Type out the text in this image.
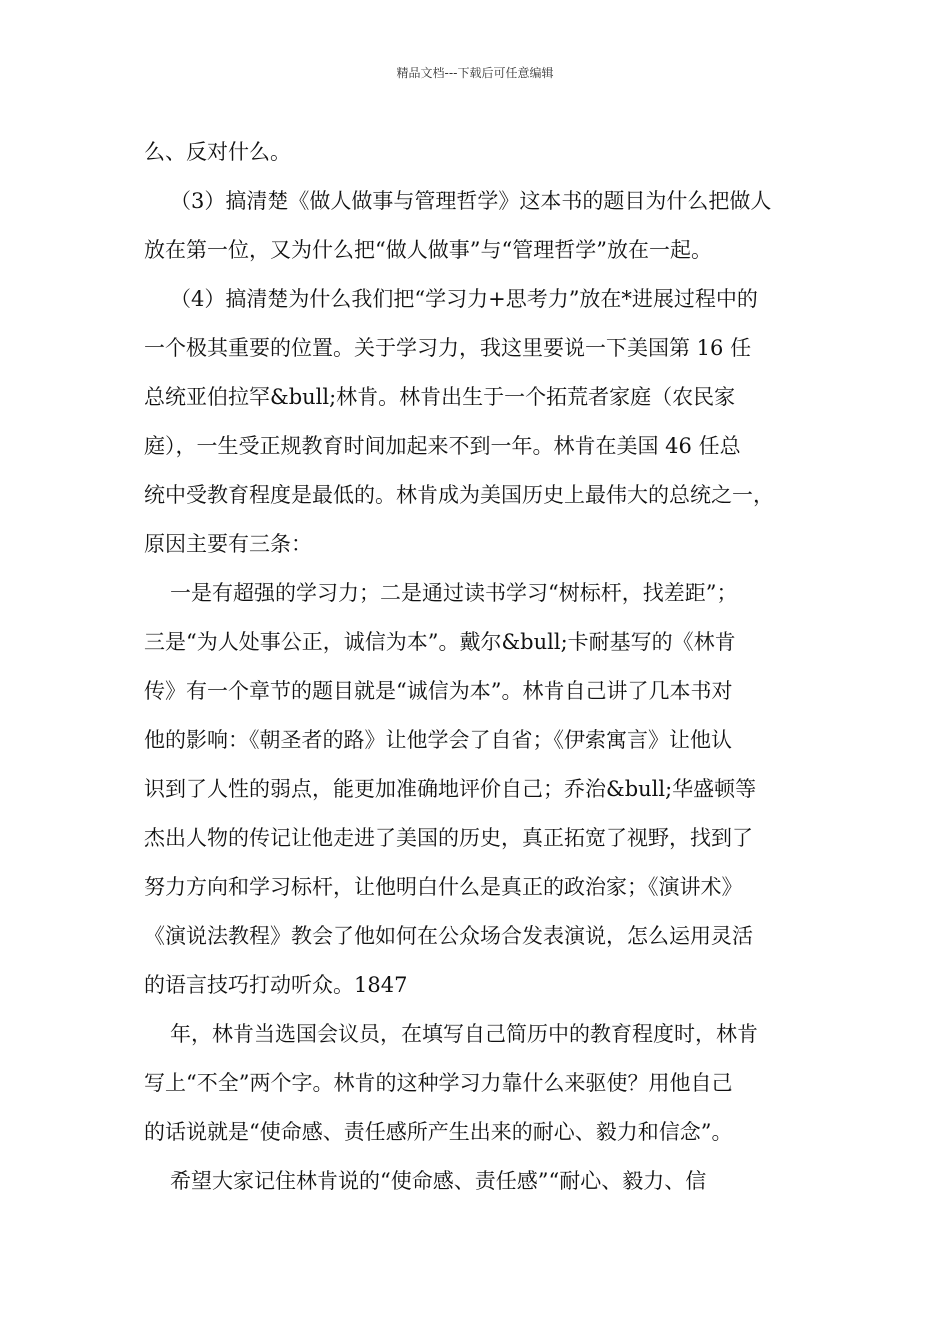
精品文档---下载后可任意编辑
么、反对什么。
（3）搞清楚《做人做事与管理哲学》这本书的题目为什么把做人
放在第一位，又为什么把“做人做事”与“管理哲学”放在一起。
（4）搞清楚为什么我们把“学习力+思考力”放在*进展过程中的
一个极其重要的位置。关于学习力，我这里要说一下美国第 16 任
总统亚伯拉罕&bull;林肯。林肯出生于一个拓荒者家庭（农民家
庭），一生受正规教育时间加起来不到一年。林肯在美国 46 任总
统中受教育程度是最低的。林肯成为美国历史上最伟大的总统之一，
原因主要有三条：
一是有超强的学习力；二是通过读书学习“树标杆，找差距”；
三是“为人处事公正，诚信为本”。戴尔&bull;卡耐基写的《林肯
传》有一个章节的题目就是“诚信为本”。林肯自己讲了几本书对
他的影响：《朝圣者的路》让他学会了自省；《伊索寓言》让他认
识到了人性的弱点，能更加准确地评价自己；乔治&bull;华盛顿等
杰出人物的传记让他走进了美国的历史，真正拓宽了视野，找到了
努力方向和学习标杆，让他明白什么是真正的政治家；《演讲术》
《演说法教程》教会了他如何在公众场合发表演说，怎么运用灵活
的语言技巧打动听众。1847
年，林肯当选国会议员，在填写自己简历中的教育程度时，林肯
写上“不全”两个字。林肯的这种学习力靠什么来驱使？用他自己
的话说就是“使命感、责任感所产生出来的耐心、毅力和信念”。
希望大家记住林肯说的“使命感、责任感”“耐心、毅力、信
